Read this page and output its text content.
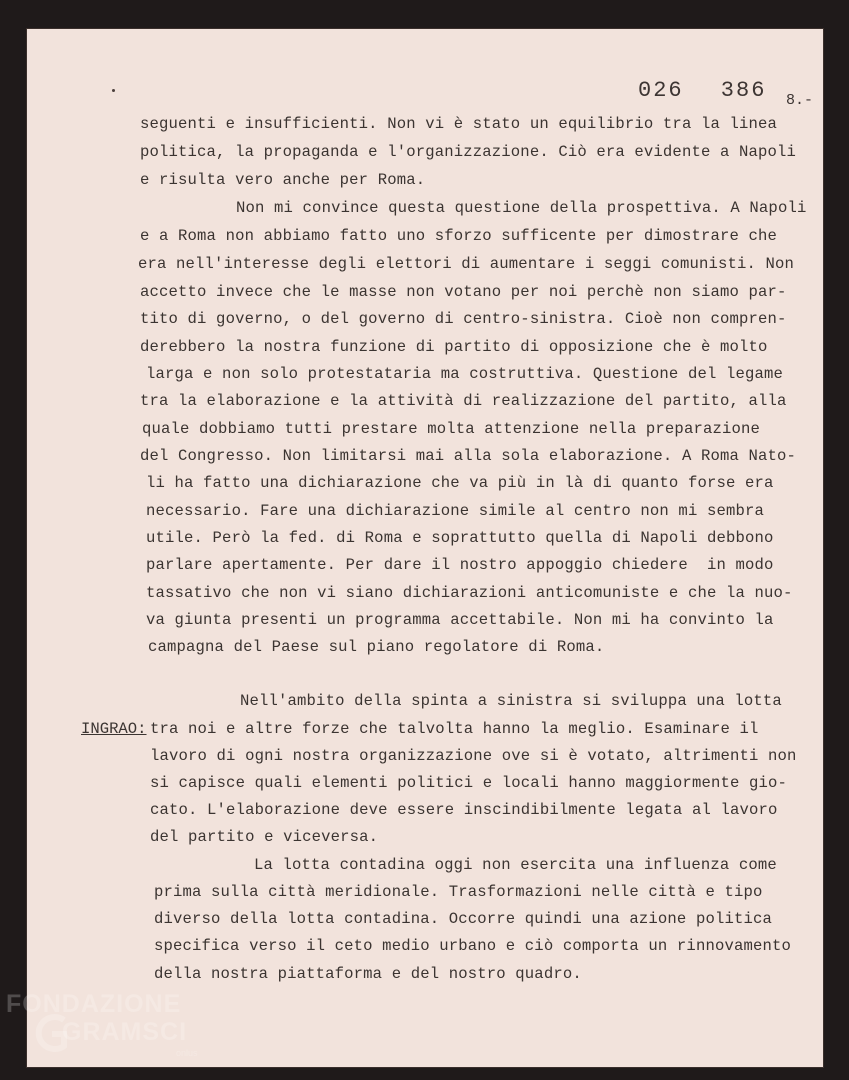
026 386 8.-
seguenti e insufficienti. Non vi è stato un equilibrio tra la linea
politica, la propaganda e l'organizzazione. Ciò era evidente a Napoli
e risulta vero anche per Roma.
Non mi convince questa questione della prospettiva. A Napoli
e a Roma non abbiamo fatto uno sforzo sufficente per dimostrare che
era nell'interesse degli elettori di aumentare i seggi comunisti. Non
accetto invece che le masse non votano per noi perchè non siamo par-
tito di governo, o del governo di centro-sinistra. Cioè non compren-
derebbero la nostra funzione di partito di opposizione che è molto
larga e non solo protestataria ma costruttiva. Questione del legame
tra la elaborazione e la attività di realizzazione del partito, alla
quale dobbiamo tutti prestare molta attenzione nella preparazione
del Congresso. Non limitarsi mai alla sola elaborazione. A Roma Nato-
li ha fatto una dichiarazione che va più in là di quanto forse era
necessario. Fare una dichiarazione simile al centro non mi sembra
utile. Però la fed. di Roma e soprattutto quella di Napoli debbono
parlare apertamente. Per dare il nostro appoggio chiedere  in modo
tassativo che non vi siano dichiarazioni anticomuniste e che la nuo-
va giunta presenti un programma accettabile. Non mi ha convinto la
campagna del Paese sul piano regolatore di Roma.
INGRAO:
Nell'ambito della spinta a sinistra si sviluppa una lotta
tra noi e altre forze che talvolta hanno la meglio. Esaminare il
lavoro di ogni nostra organizzazione ove si è votato, altrimenti non
si capisce quali elementi politici e locali hanno maggiormente gio-
cato. L'elaborazione deve essere inscindibilmente legata al lavoro
del partito e viceversa.
La lotta contadina oggi non esercita una influenza come
prima sulla città meridionale. Trasformazioni nelle città e tipo
diverso della lotta contadina. Occorre quindi una azione politica
specifica verso il ceto medio urbano e ciò comporta un rinnovamento
della nostra piattaforma e del nostro quadro.
FONDAZIONE
GRAMSCI
onlus
